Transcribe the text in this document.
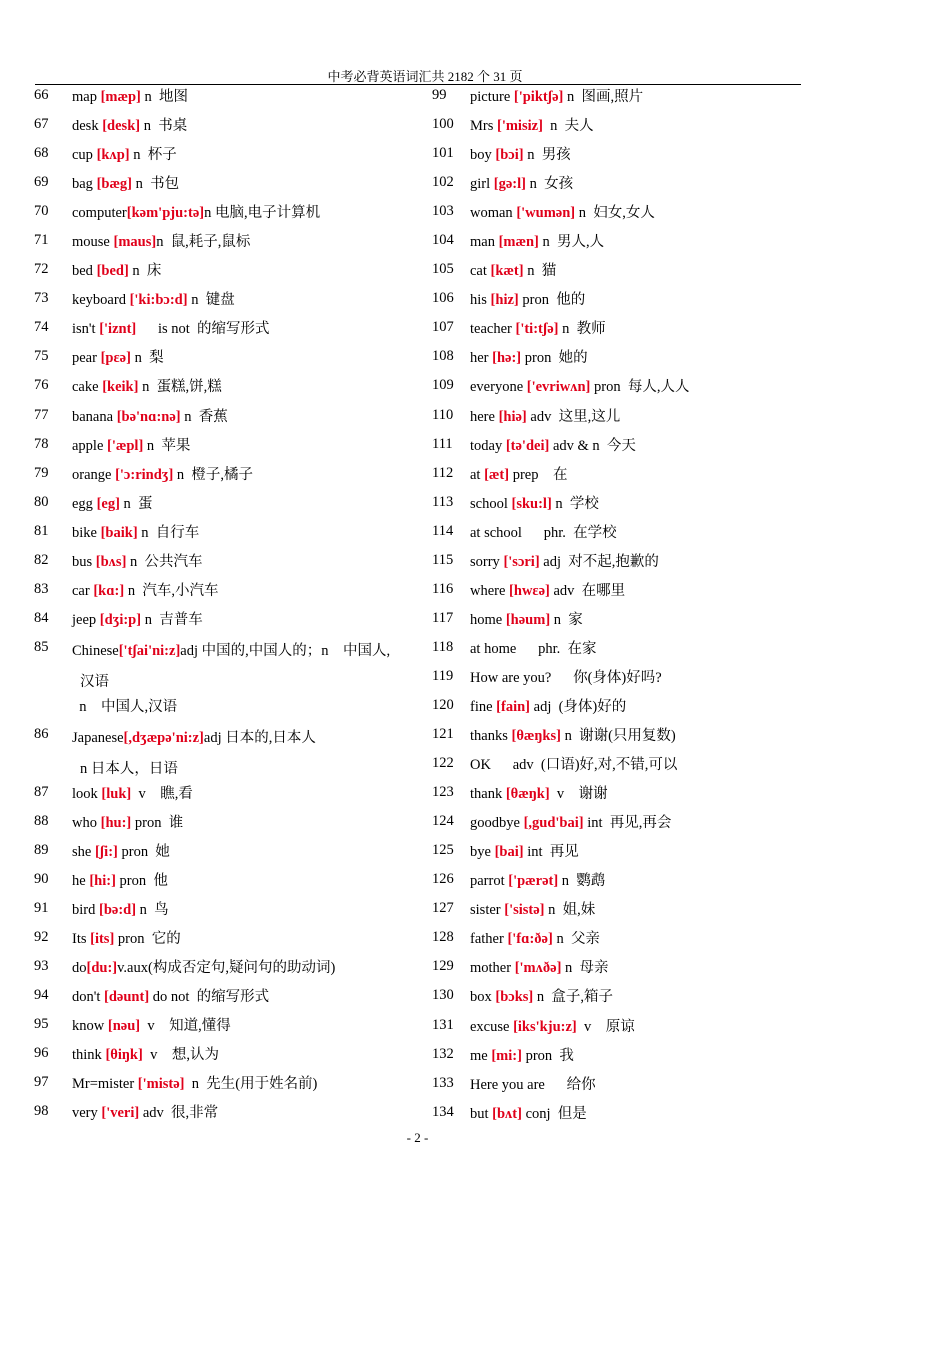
中考必背英语词汇共 2182 个 31 页
66	map [mæp] n  地图
67	desk [desk] n  书桌
68	cup [kʌp] n  杯子
69	bag [bæg] n  书包
70	computer[kəm'pju:tə]n 电脑,电子计算机
71	mouse [maus]n  鼠,耗子,鼠标
72	bed [bed] n  床
73	keyboard ['ki:bɔ:d] n  键盘
74	isn't ['iznt]      is not  的缩写形式
75	pear [pεə] n  梨
76	cake [keik] n  蛋糕,饼,糕
77	banana [bə'nɑ:nə] n  香蕉
78	apple ['æpl] n  苹果
79	orange ['ɔ:rindʒ] n  橙子,橘子
80	egg [eg] n  蛋
81	bike [baik] n  自行车
82	bus [bʌs] n  公共汽车
83	car [kɑ:] n  汽车,小汽车
84	jeep [dʒi:p] n  吉普车
85	Chinese['tʃai'ni:z]adj 中国的,中国人的；n    中国人,
汉语
n    中国人,汉语
86	Japanese[,dʒæpə'ni:z]adj 日本的,日本人
n 日本人，日语
87	look [luk]  v    瞧,看
88	who [hu:] pron  谁
89	she [ʃi:] pron  她
90	he [hi:] pron  他
91	bird [bə:d] n  鸟
92	Its [its] pron  它的
93	do[du:]v.aux(构成否定句,疑问句的助动词)
94	don't [dəunt] do not  的缩写形式
95	know [nəu]  v    知道,懂得
96	think [θiŋk]  v    想,认为
97	Mr=mister ['mistə]  n  先生(用于姓名前)
98	very ['veri] adv  很,非常
99	picture ['piktʃə] n  图画,照片
100	Mrs ['misiz]  n  夫人
101	boy [bɔi] n  男孩
102	girl [gə:l] n  女孩
103	woman ['wumən] n  妇女,女人
104	man [mæn] n  男人,人
105	cat [kæt] n  猫
106	his [hiz] pron  他的
107	teacher ['ti:tʃə] n  教师
108	her [hə:] pron  她的
109	everyone ['evriwʌn] pron  每人,人人
110	here [hiə] adv  这里,这儿
111	today [tə'dei] adv & n  今天
112	at [æt] prep    在
113	school [sku:l] n  学校
114	at school      phr.  在学校
115	sorry ['sɔri] adj  对不起,抱歉的
116	where [hwεə] adv  在哪里
117	home [həum] n  家
118	at home      phr.  在家
119	How are you?      你(身体)好吗?
120	fine [fain] adj  (身体)好的
121	thanks [θæŋks] n  谢谢(只用复数)
122	OK      adv  (口语)好,对,不错,可以
123	thank [θæŋk]  v    谢谢
124	goodbye [,gud'bai] int  再见,再会
125	bye [bai] int  再见
126	parrot ['pærət] n  鹦鹉
127	sister ['sistə] n  姐,妹
128	father ['fɑ:ðə] n  父亲
129	mother ['mʌðə] n  母亲
130	box [bɔks] n  盒子,箱子
131	excuse [iks'kju:z]  v    原谅
132	me [mi:] pron  我
133	Here you are      给你
134	but [bʌt] conj  但是
- 2 -
